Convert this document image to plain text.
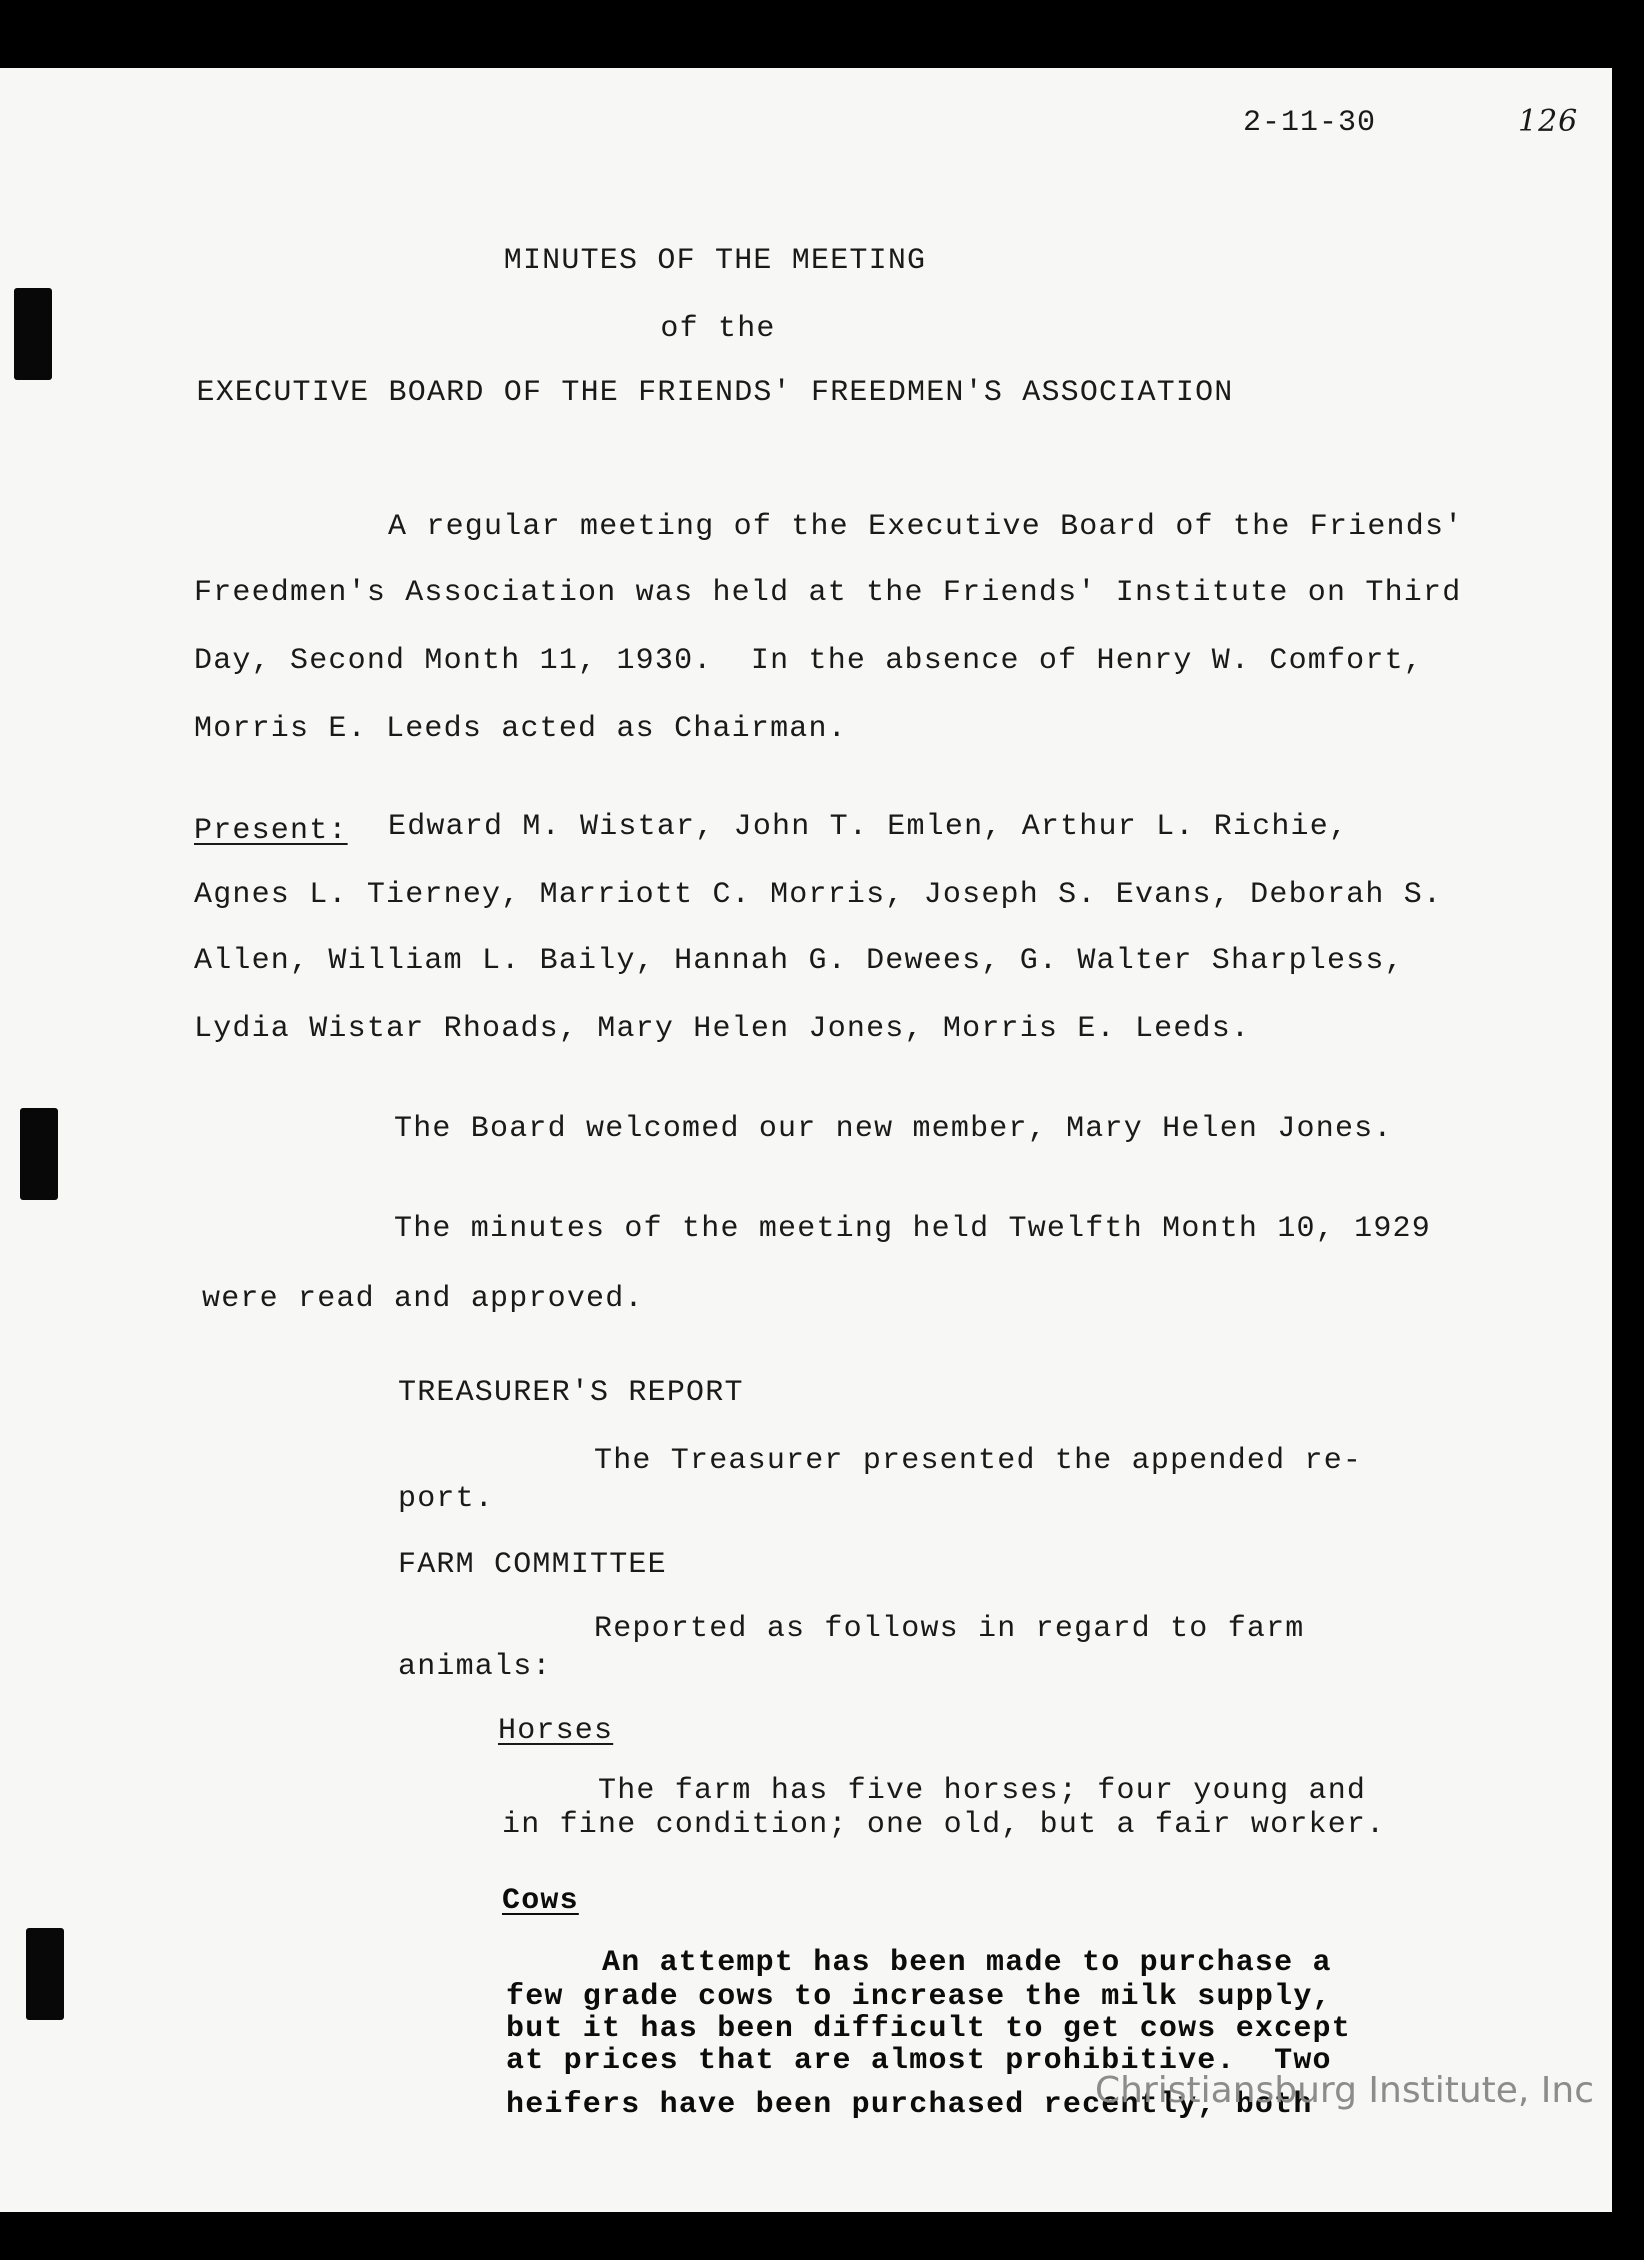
2-11-30	126
MINUTES OF THE MEETING
of the
EXECUTIVE BOARD OF THE FRIENDS' FREEDMEN'S ASSOCIATION
A regular meeting of the Executive Board of the Friends'
Freedmen's Association was held at the Friends' Institute on Third
Day, Second Month 11, 1930.  In the absence of Henry W. Comfort,
Morris E. Leeds acted as Chairman.
Present: Edward M. Wistar, John T. Emlen, Arthur L. Richie,
Agnes L. Tierney, Marriott C. Morris, Joseph S. Evans, Deborah S.
Allen, William L. Baily, Hannah G. Dewees, G. Walter Sharpless,
Lydia Wistar Rhoads, Mary Helen Jones, Morris E. Leeds.
The Board welcomed our new member, Mary Helen Jones.
The minutes of the meeting held Twelfth Month 10, 1929
were read and approved.
TREASURER'S REPORT
The Treasurer presented the appended re-
port.
FARM COMMITTEE
Reported as follows in regard to farm
animals:
Horses
The farm has five horses; four young and
in fine condition; one old, but a fair worker.
Cows
An attempt has been made to purchase a
few grade cows to increase the milk supply,
but it has been difficult to get cows except
at prices that are almost prohibitive.  Two
heifers have been purchased recently, both
Christiansburg Institute, Inc
